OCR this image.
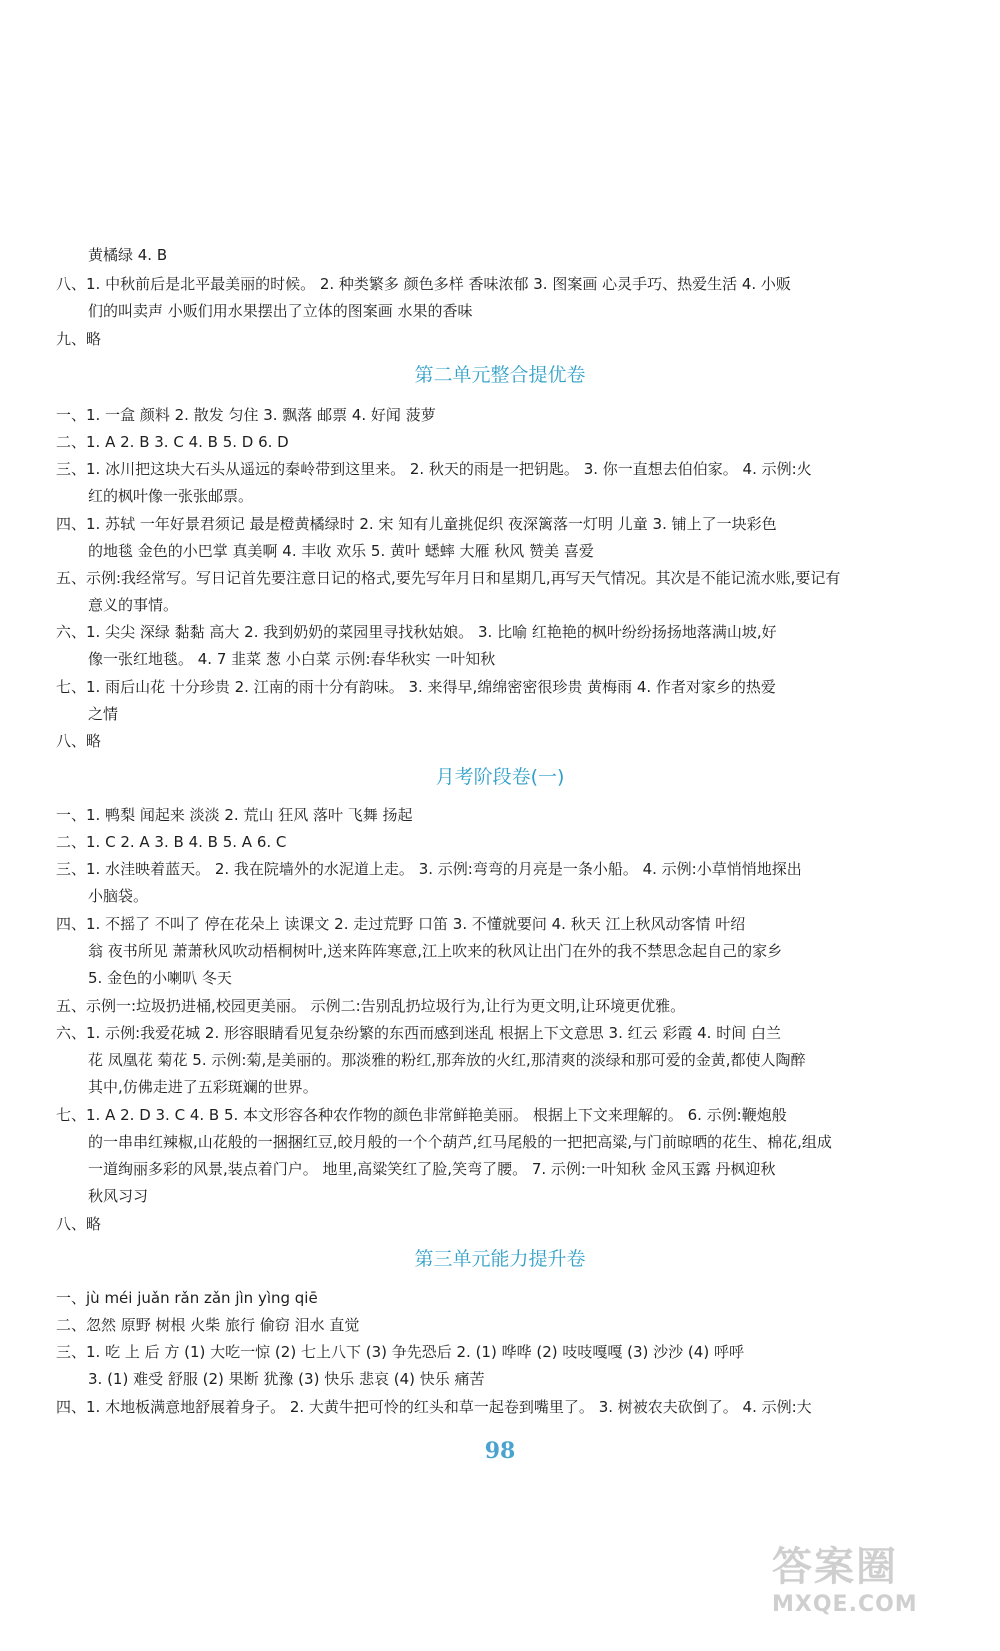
黄橘绿 4. B
八、1. 中秋前后是北平最美丽的时候。 2. 种类繁多 颜色多样 香味浓郁 3. 图案画 心灵手巧、热爱生活 4. 小贩
们的叫卖声 小贩们用水果摆出了立体的图案画 水果的香味
九、略
第二单元整合提优卷
一、1. 一盒 颜料 2. 散发 匀住 3. 飘落 邮票 4. 好闻 菠萝
二、1. A 2. B 3. C 4. B 5. D 6. D
三、1. 冰川把这块大石头从遥远的秦岭带到这里来。 2. 秋天的雨是一把钥匙。 3. 你一直想去伯伯家。 4. 示例:火
红的枫叶像一张张邮票。
四、1. 苏轼 一年好景君须记 最是橙黄橘绿时 2. 宋 知有儿童挑促织 夜深篱落一灯明 儿童 3. 铺上了一块彩色
的地毯 金色的小巴掌 真美啊 4. 丰收 欢乐 5. 黄叶 蟋蟀 大雁 秋风 赞美 喜爱
五、示例:我经常写。写日记首先要注意日记的格式,要先写年月日和星期几,再写天气情况。其次是不能记流水账,要记有
意义的事情。
六、1. 尖尖 深绿 黏黏 高大 2. 我到奶奶的菜园里寻找秋姑娘。 3. 比喻 红艳艳的枫叶纷纷扬扬地落满山坡,好
像一张红地毯。 4. 7 韭菜 葱 小白菜 示例:春华秋实 一叶知秋
七、1. 雨后山花 十分珍贵 2. 江南的雨十分有韵味。 3. 来得早,绵绵密密很珍贵 黄梅雨 4. 作者对家乡的热爱
之情
八、略
月考阶段卷(一)
一、1. 鸭梨 闻起来 淡淡 2. 荒山 狂风 落叶 飞舞 扬起
二、1. C 2. A 3. B 4. B 5. A 6. C
三、1. 水洼映着蓝天。 2. 我在院墙外的水泥道上走。 3. 示例:弯弯的月亮是一条小船。 4. 示例:小草悄悄地探出
小脑袋。
四、1. 不摇了 不叫了 停在花朵上 读课文 2. 走过荒野 口笛 3. 不懂就要问 4. 秋天 江上秋风动客情 叶绍
翁 夜书所见 萧萧秋风吹动梧桐树叶,送来阵阵寒意,江上吹来的秋风让出门在外的我不禁思念起自己的家乡
5. 金色的小喇叭 冬天
五、示例一:垃圾扔进桶,校园更美丽。 示例二:告别乱扔垃圾行为,让行为更文明,让环境更优雅。
六、1. 示例:我爱花城 2. 形容眼睛看见复杂纷繁的东西而感到迷乱 根据上下文意思 3. 红云 彩霞 4. 时间 白兰
花 凤凰花 菊花 5. 示例:菊,是美丽的。那淡雅的粉红,那奔放的火红,那清爽的淡绿和那可爱的金黄,都使人陶醉
其中,仿佛走进了五彩斑斓的世界。
七、1. A 2. D 3. C 4. B 5. 本文形容各种农作物的颜色非常鲜艳美丽。 根据上下文来理解的。 6. 示例:鞭炮般
的一串串红辣椒,山花般的一捆捆红豆,皎月般的一个个葫芦,红马尾般的一把把高粱,与门前晾晒的花生、棉花,组成
一道绚丽多彩的风景,装点着门户。 地里,高粱笑红了脸,笑弯了腰。 7. 示例:一叶知秋 金风玉露 丹枫迎秋
秋风习习
八、略
第三单元能力提升卷
一、jù méi juǎn rǎn zǎn jìn yìng qiē
二、忽然 原野 树根 火柴 旅行 偷窃 泪水 直觉
三、1. 吃 上 后 方 (1) 大吃一惊 (2) 七上八下 (3) 争先恐后 2. (1) 哗哗 (2) 吱吱嘎嘎 (3) 沙沙 (4) 呼呼
3. (1) 难受 舒服 (2) 果断 犹豫 (3) 快乐 悲哀 (4) 快乐 痛苦
四、1. 木地板满意地舒展着身子。 2. 大黄牛把可怜的红头和草一起卷到嘴里了。 3. 树被农夫砍倒了。 4. 示例:大
98
答案圈
MXQE.COM
